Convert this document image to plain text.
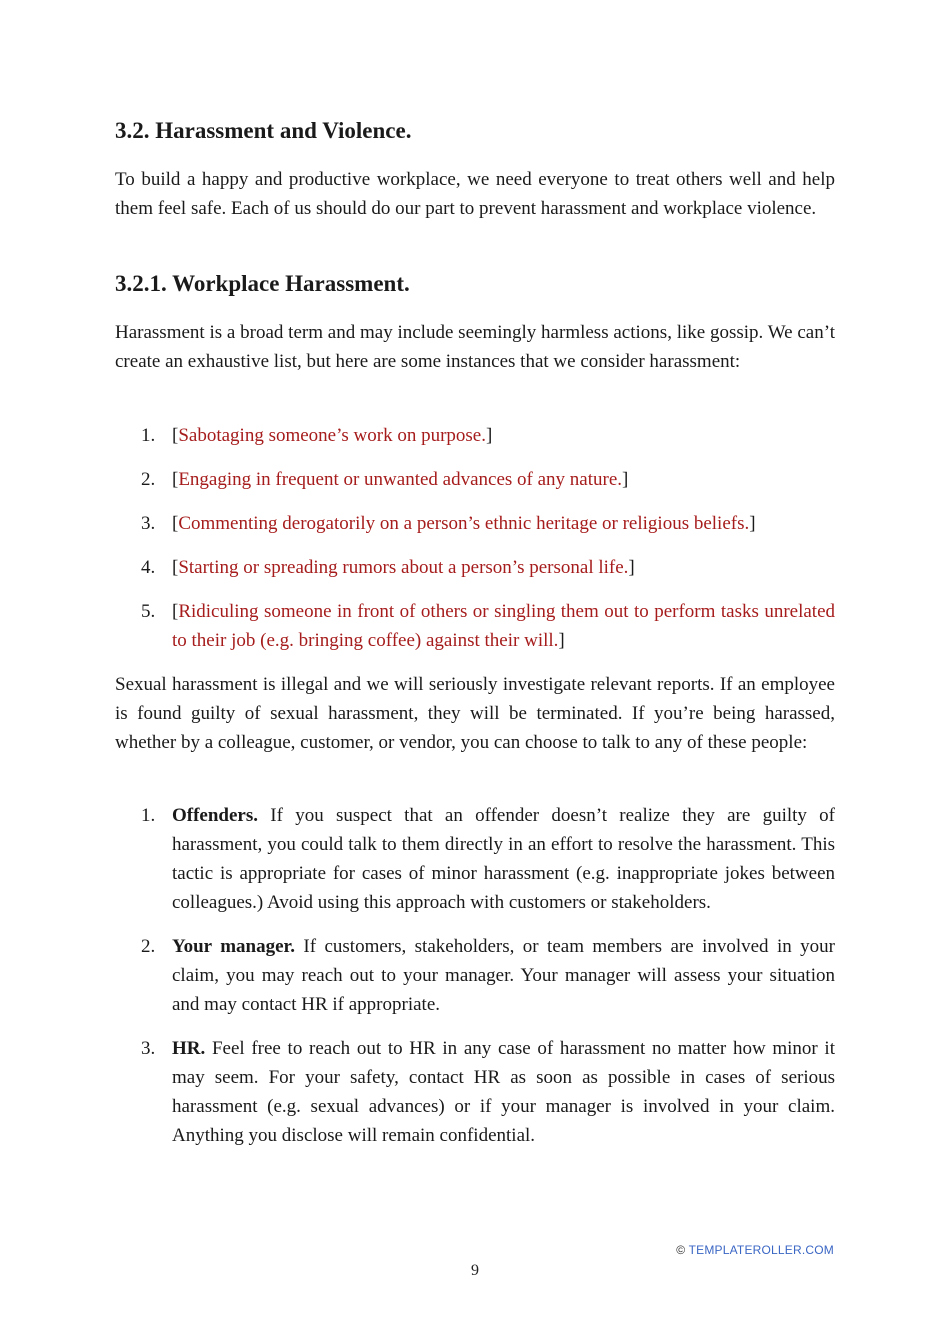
3.2. Harassment and Violence.

To build a happy and productive workplace, we need everyone to treat others well and help them feel safe. Each of us should do our part to prevent harassment and workplace violence.

3.2.1. Workplace Harassment.

Harassment is a broad term and may include seemingly harmless actions, like gossip. We can’t create an exhaustive list, but here are some instances that we consider harassment:

1. [Sabotaging someone’s work on purpose.]
2. [Engaging in frequent or unwanted advances of any nature.]
3. [Commenting derogatorily on a person’s ethnic heritage or religious beliefs.]
4. [Starting or spreading rumors about a person’s personal life.]
5. [Ridiculing someone in front of others or singling them out to perform tasks unrelated to their job (e.g. bringing coffee) against their will.]

Sexual harassment is illegal and we will seriously investigate relevant reports. If an employee is found guilty of sexual harassment, they will be terminated. If you’re being harassed, whether by a colleague, customer, or vendor, you can choose to talk to any of these people:

1. Offenders. If you suspect that an offender doesn’t realize they are guilty of harassment, you could talk to them directly in an effort to resolve the harassment. This tactic is appropriate for cases of minor harassment (e.g. inappropriate jokes between colleagues.) Avoid using this approach with customers or stakeholders.
2. Your manager. If customers, stakeholders, or team members are involved in your claim, you may reach out to your manager. Your manager will assess your situation and may contact HR if appropriate.
3. HR. Feel free to reach out to HR in any case of harassment no matter how minor it may seem. For your safety, contact HR as soon as possible in cases of serious harassment (e.g. sexual advances) or if your manager is involved in your claim. Anything you disclose will remain confidential.
© TEMPLATEROLLER.COM
9
